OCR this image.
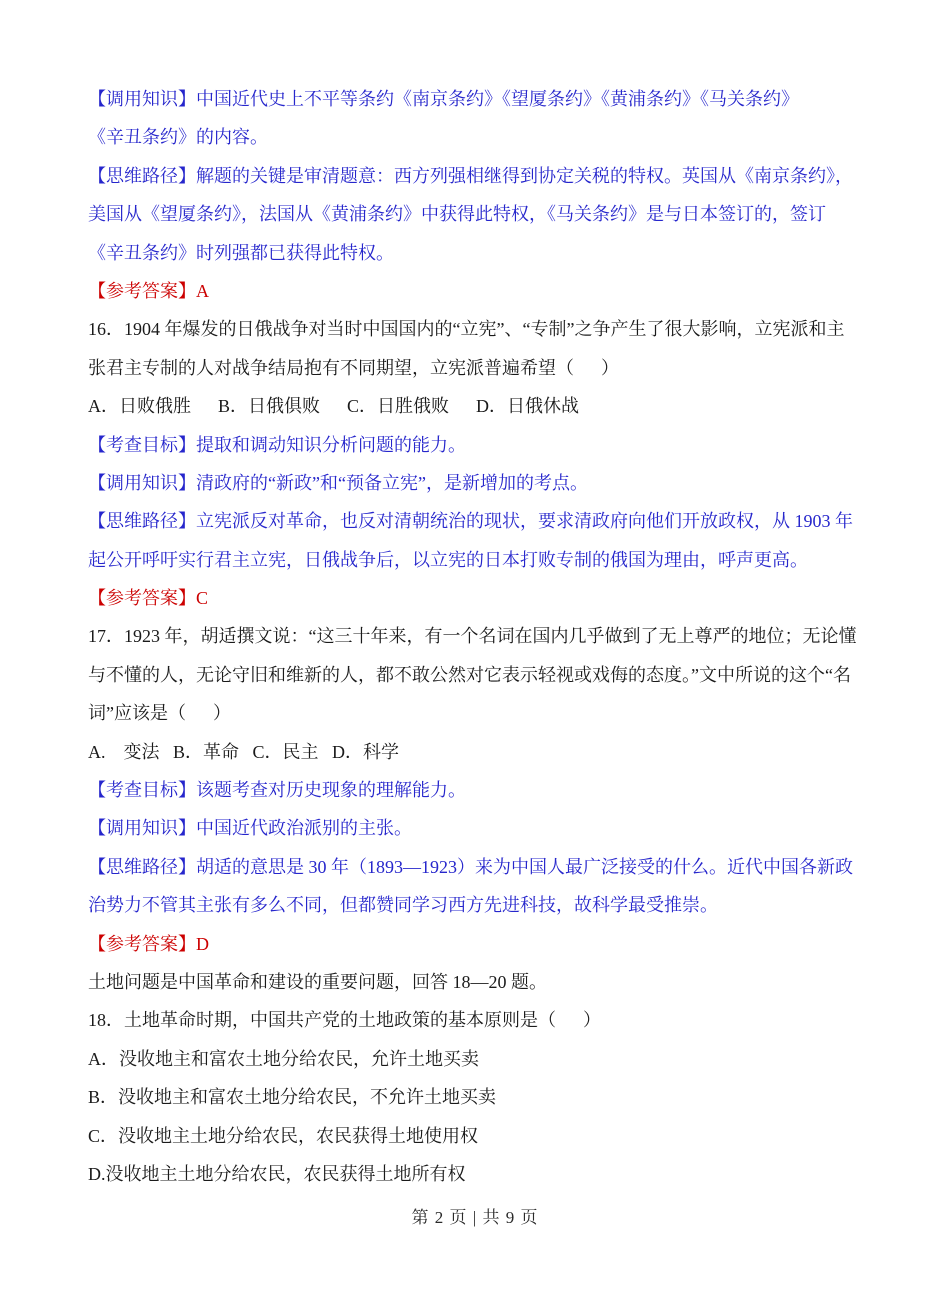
【调用知识】中国近代史上不平等条约《南京条约》《望厦条约》《黄浦条约》《马关条约》
《辛丑条约》的内容。
【思维路径】解题的关键是审清题意：西方列强相继得到协定关税的特权。英国从《南京条约》，
美国从《望厦条约》，法国从《黄浦条约》中获得此特权，《马关条约》是与日本签订的，签订
《辛丑条约》时列强都已获得此特权。
【参考答案】A
16．1904 年爆发的日俄战争对当时中国国内的“立宪”、“专制”之争产生了很大影响，立宪派和主
张君主专制的人对战争结局抱有不同期望，立宪派普遍希望（      ）
A．日败俄胜      B．日俄俱败      C．日胜俄败      D．日俄休战
【考查目标】提取和调动知识分析问题的能力。
【调用知识】清政府的“新政”和“预备立宪”，是新增加的考点。
【思维路径】立宪派反对革命，也反对清朝统治的现状，要求清政府向他们开放政权，从 1903 年
起公开呼吁实行君主立宪，日俄战争后，以立宪的日本打败专制的俄国为理由，呼声更高。
【参考答案】C
17．1923 年，胡适撰文说：“这三十年来，有一个名词在国内几乎做到了无上尊严的地位；无论懂
与不懂的人，无论守旧和维新的人，都不敢公然对它表示轻视或戏侮的态度。”文中所说的这个“名
词”应该是（      ）
A.    变法   B．革命   C．民主   D．科学
【考查目标】该题考查对历史现象的理解能力。
【调用知识】中国近代政治派别的主张。
【思维路径】胡适的意思是 30 年（1893—1923）来为中国人最广泛接受的什么。近代中国各新政
治势力不管其主张有多么不同，但都赞同学习西方先进科技，故科学最受推崇。
【参考答案】D
土地问题是中国革命和建设的重要问题，回答 18—20 题。
18．土地革命时期，中国共产党的土地政策的基本原则是（      ）
A．没收地主和富农土地分给农民，允许土地买卖
B．没收地主和富农土地分给农民，不允许土地买卖
C．没收地主土地分给农民，农民获得土地使用权
D.没收地主土地分给农民，农民获得土地所有权
第 2 页 | 共 9 页
